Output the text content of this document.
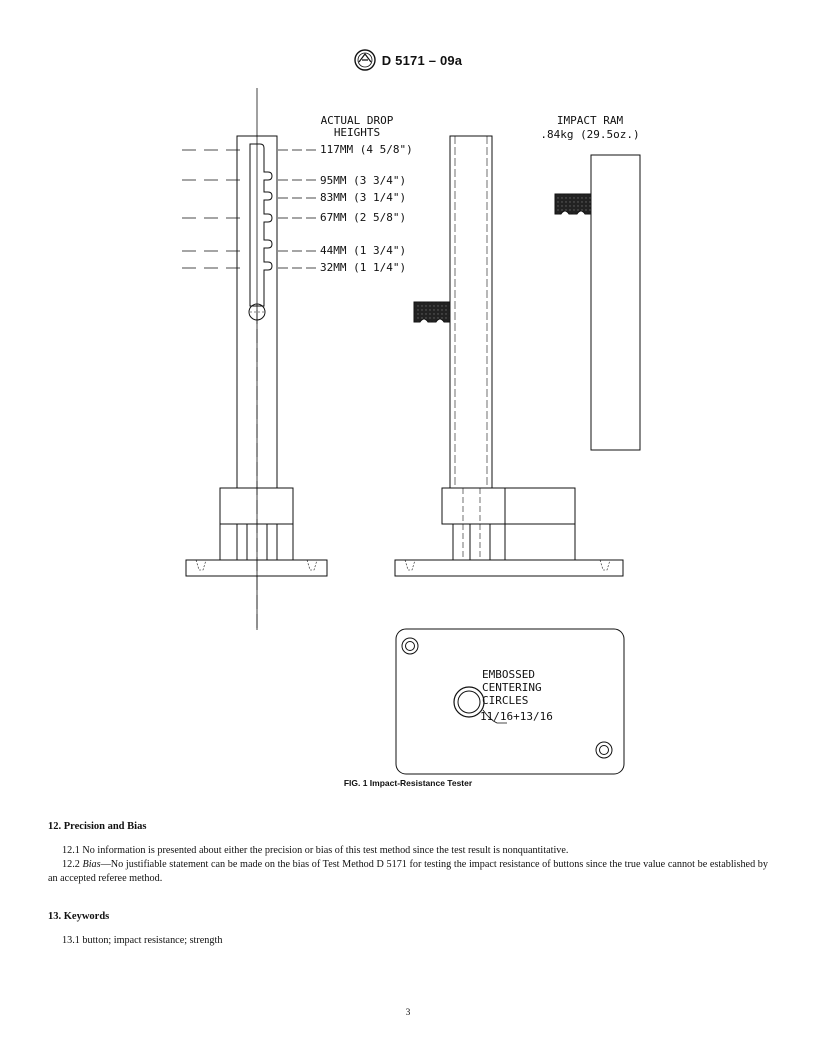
D 5171 – 09a
ACTUAL DROP
HEIGHTS
117MM (4 5/8")
95MM (3 3/4")
83MM (3 1/4")
67MM (2 5/8")
44MM (1 3/4")
32MM (1 1/4")
IMPACT RAM
.84kg (29.5oz.)
EMBOSSED
CENTERING
CIRCLES
11/16+13/16
FIG. 1 Impact-Resistance Tester

12. Precision and Bias

12.1 No information is presented about either the precision or bias of this test method since the test result is nonquantitative.

12.2 Bias—No justifiable statement can be made on the bias of Test Method D 5171 for testing the impact resistance of buttons since the true value cannot be established by an accepted referee method.

13. Keywords

13.1 button; impact resistance; strength

3
